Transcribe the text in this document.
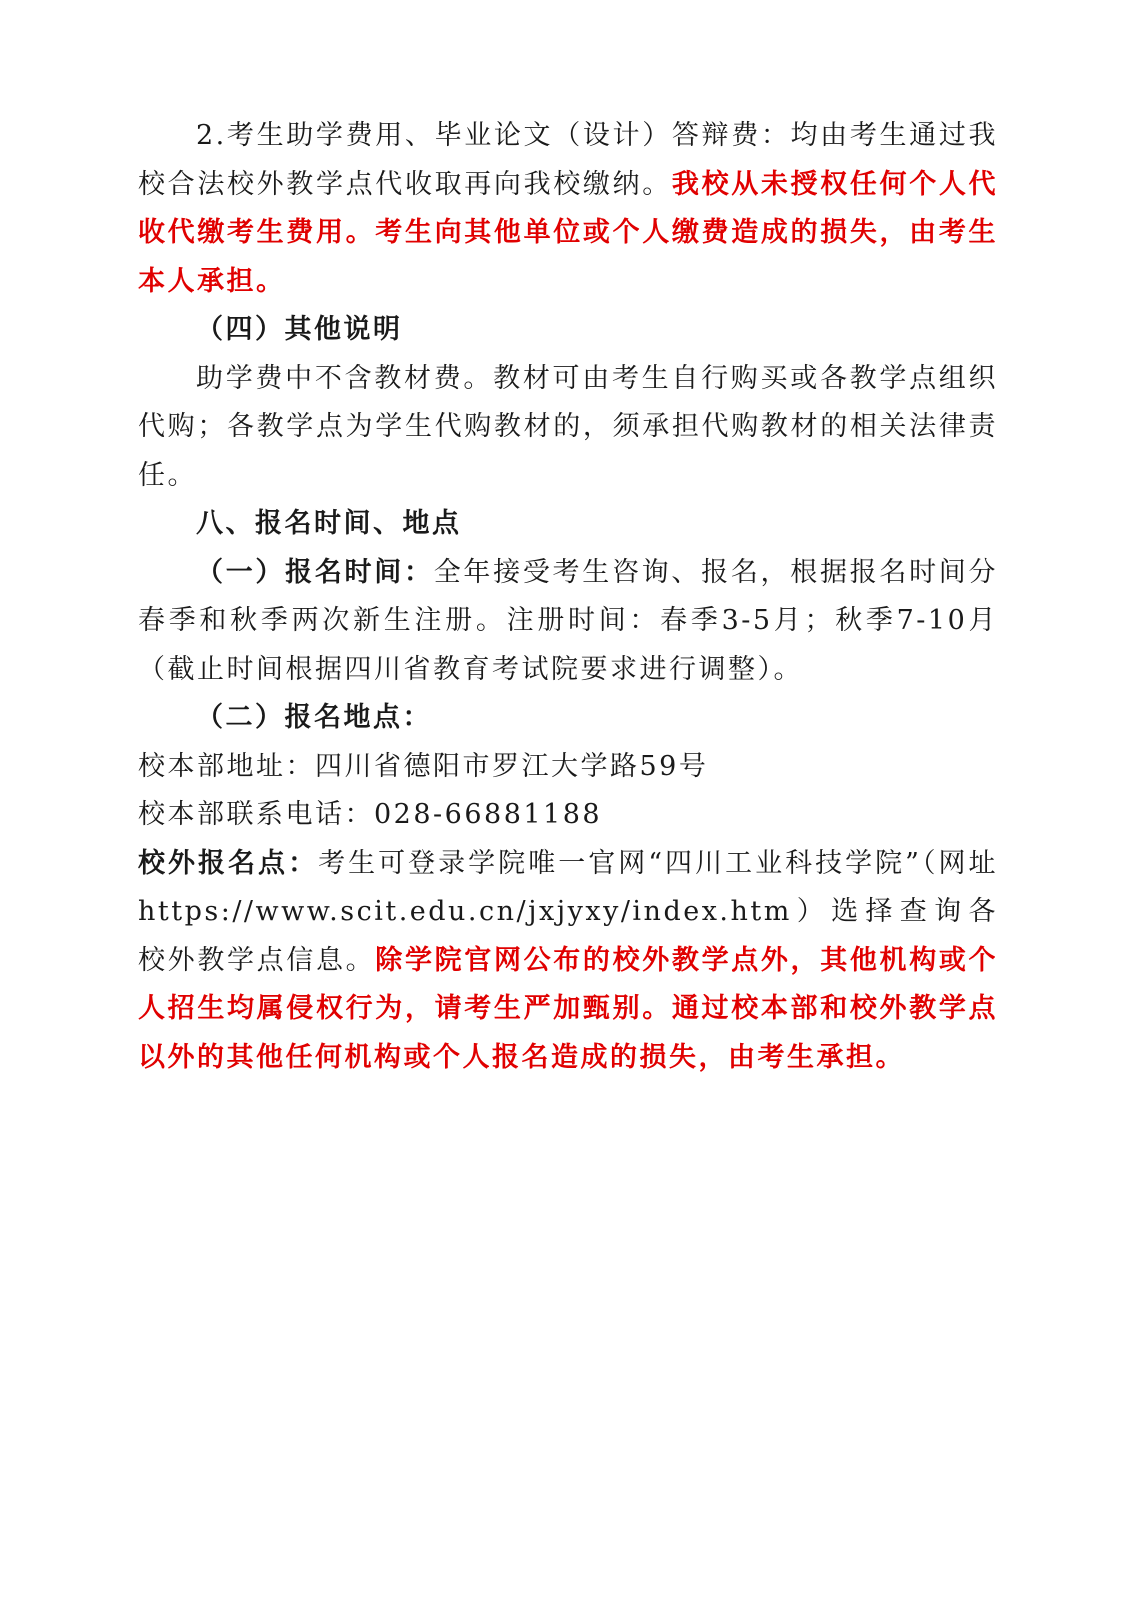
2.考生助学费用、毕业论文（设计）答辩费：均由考生通过我校合法校外教学点代收取再向我校缴纳。我校从未授权任何个人代收代缴考生费用。考生向其他单位或个人缴费造成的损失，由考生本人承担。

（四）其他说明

助学费中不含教材费。教材可由考生自行购买或各教学点组织代购；各教学点为学生代购教材的，须承担代购教材的相关法律责任。

八、报名时间、地点

（一）报名时间：全年接受考生咨询、报名，根据报名时间分春季和秋季两次新生注册。注册时间：春季3-5月；秋季7-10月（截止时间根据四川省教育考试院要求进行调整）。

（二）报名地点：

校本部地址：四川省德阳市罗江大学路59号

校本部联系电话：028-66881188

校外报名点：考生可登录学院唯一官网“四川工业科技学院”（网址https://www.scit.edu.cn/jxjyxy/index.htm）选择查询各校外教学点信息。除学院官网公布的校外教学点外，其他机构或个人招生均属侵权行为，请考生严加甄别。通过校本部和校外教学点以外的其他任何机构或个人报名造成的损失，由考生承担。
